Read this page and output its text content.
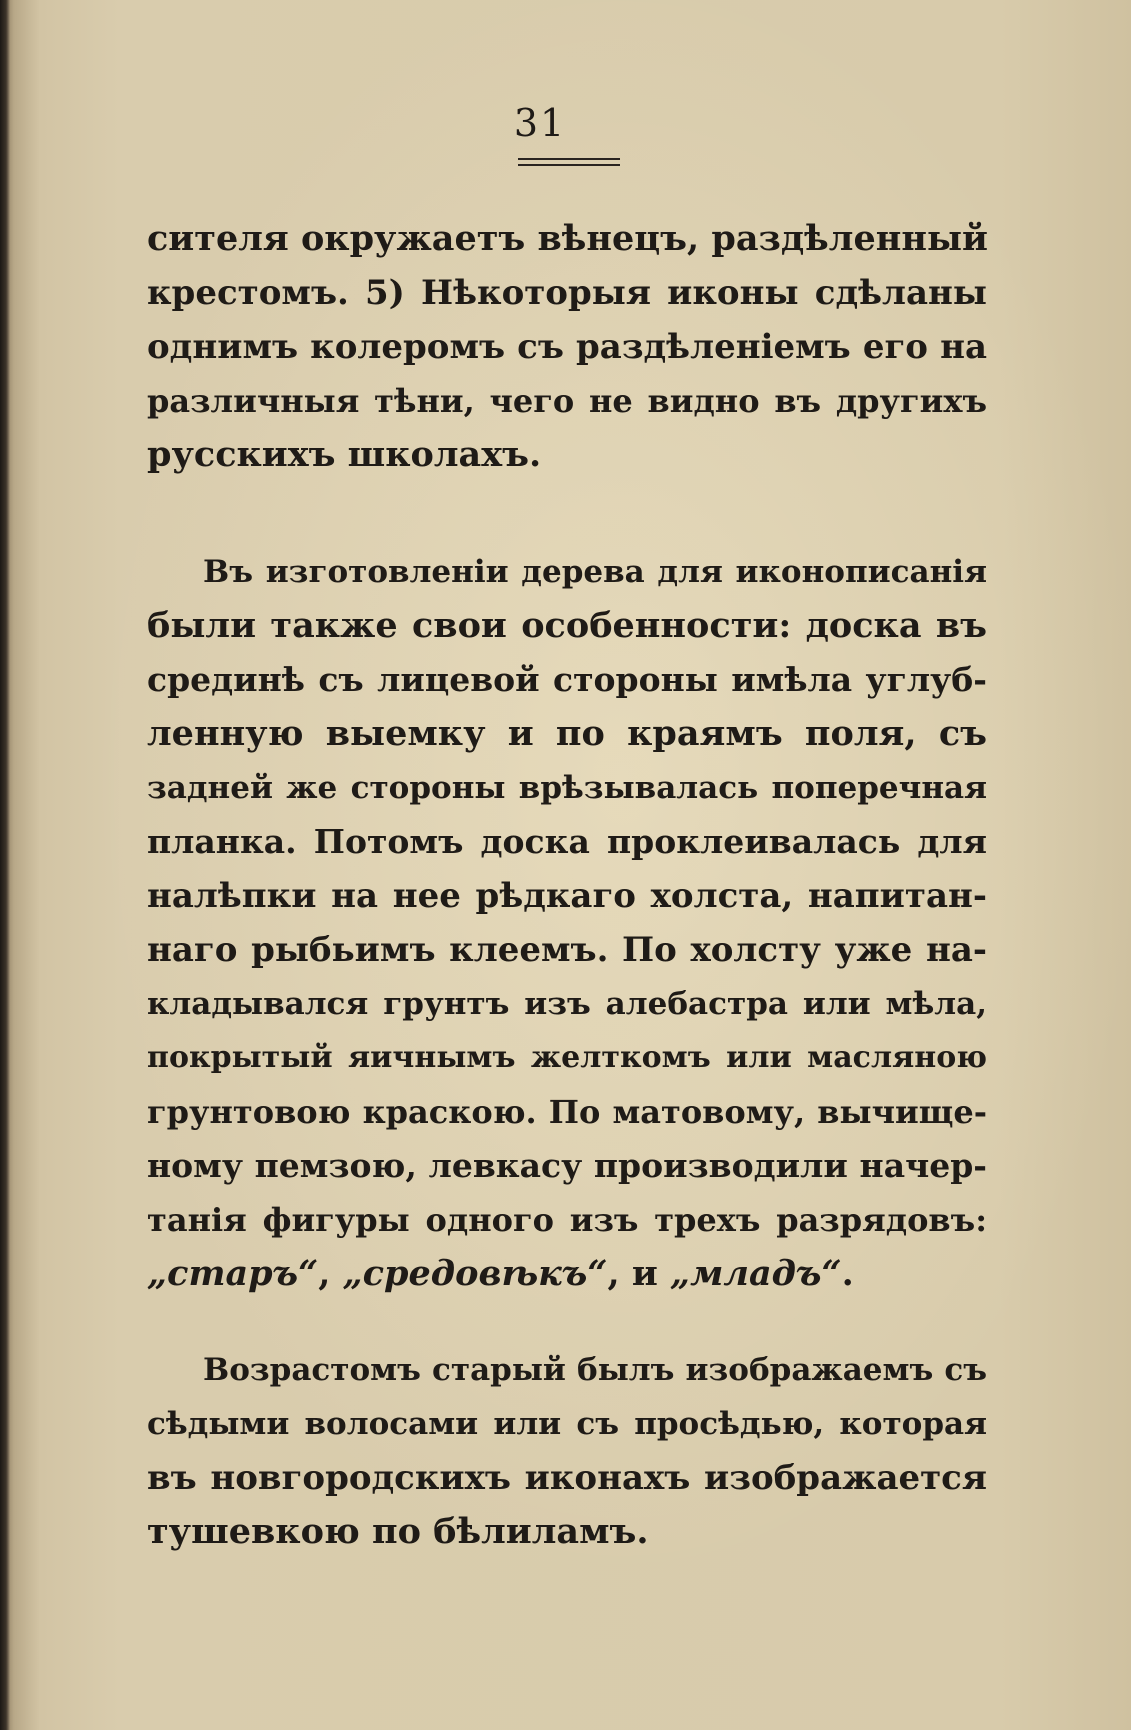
31
сителя окружаетъ вѣнецъ, раздѣленный
крестомъ. 5) Нѣкоторыя иконы сдѣланы
однимъ колеромъ съ раздѣленіемъ его на
различныя тѣни, чего не видно въ другихъ
русскихъ школахъ.
Въ изготовленіи дерева для иконописанія
были также свои особенности: доска въ
срединѣ съ лицевой стороны имѣла углуб-
ленную выемку и по краямъ поля, съ
задней же стороны врѣзывалась поперечная
планка. Потомъ доска проклеивалась для
налѣпки на нее рѣдкаго холста, напитан-
наго рыбьимъ клеемъ. По холсту уже на-
кладывался грунтъ изъ алебастра или мѣла,
покрытый яичнымъ желткомъ или масляною
грунтовою краскою. По матовому, вычище-
ному пемзою, левкасу производили начер-
танія фигуры одного изъ трехъ разрядовъ:
„старъ“, „средовѣкъ“, и „младъ“.
Возрастомъ старый былъ изображаемъ съ
сѣдыми волосами или съ просѣдью, которая
въ новгородскихъ иконахъ изображается
тушевкою по бѣлиламъ.
